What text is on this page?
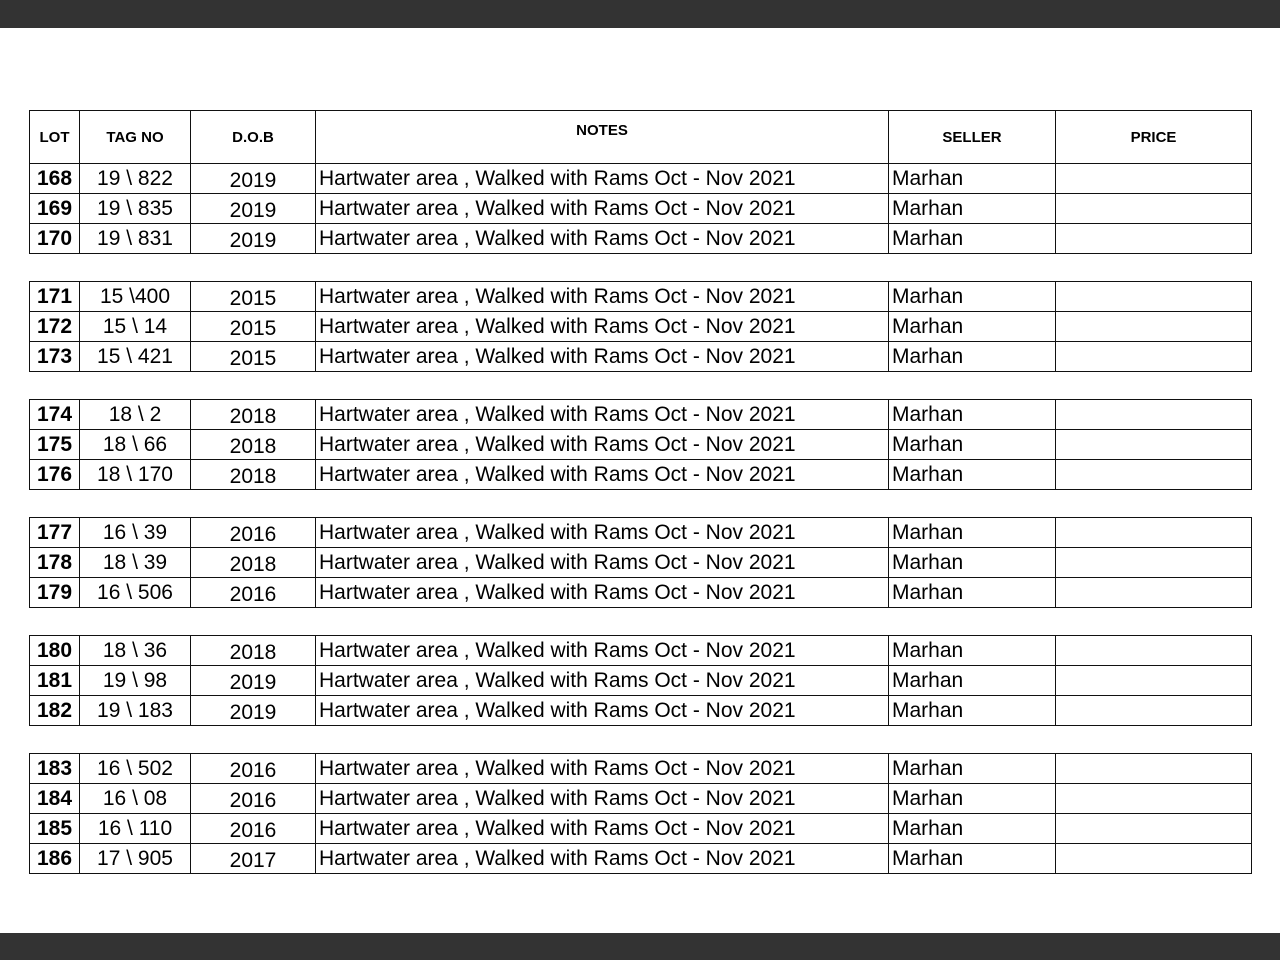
LOT	TAG NO	D.O.B	NOTES	SELLER	PRICE
168	19 \ 822	2019	Hartwater area , Walked with Rams Oct - Nov 2021	Marhan	
169	19 \ 835	2019	Hartwater area , Walked with Rams Oct - Nov 2021	Marhan	
170	19 \ 831	2019	Hartwater area , Walked with Rams Oct - Nov 2021	Marhan	
171	15 \400	2015	Hartwater area , Walked with Rams Oct - Nov 2021	Marhan	
172	15 \ 14	2015	Hartwater area , Walked with Rams Oct - Nov 2021	Marhan	
173	15 \ 421	2015	Hartwater area , Walked with Rams Oct - Nov 2021	Marhan	
174	18 \ 2	2018	Hartwater area , Walked with Rams Oct - Nov 2021	Marhan	
175	18 \ 66	2018	Hartwater area , Walked with Rams Oct - Nov 2021	Marhan	
176	18 \ 170	2018	Hartwater area , Walked with Rams Oct - Nov 2021	Marhan	
177	16 \ 39	2016	Hartwater area , Walked with Rams Oct - Nov 2021	Marhan	
178	18 \ 39	2018	Hartwater area , Walked with Rams Oct - Nov 2021	Marhan	
179	16 \ 506	2016	Hartwater area , Walked with Rams Oct - Nov 2021	Marhan	
180	18 \ 36	2018	Hartwater area , Walked with Rams Oct - Nov 2021	Marhan	
181	19 \ 98	2019	Hartwater area , Walked with Rams Oct - Nov 2021	Marhan	
182	19 \ 183	2019	Hartwater area , Walked with Rams Oct - Nov 2021	Marhan	
183	16 \ 502	2016	Hartwater area , Walked with Rams Oct - Nov 2021	Marhan	
184	16 \ 08	2016	Hartwater area , Walked with Rams Oct - Nov 2021	Marhan	
185	16 \ 110	2016	Hartwater area , Walked with Rams Oct - Nov 2021	Marhan	
186	17 \ 905	2017	Hartwater area , Walked with Rams Oct - Nov 2021	Marhan	
